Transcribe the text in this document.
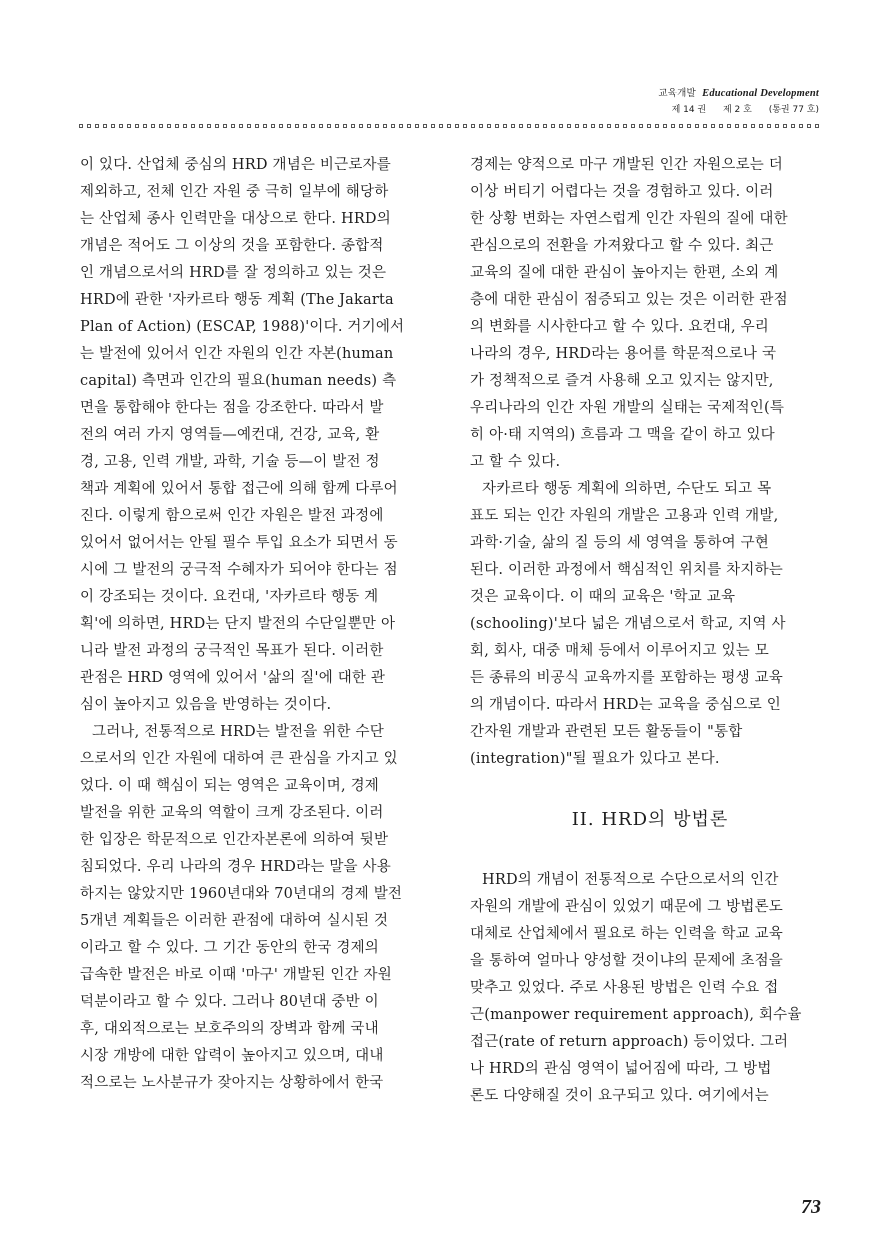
교육개발 Educational Development
제 14 권 제 2 호 (통권 77 호)
이 있다. 산업체 중심의 HRD 개념은 비근로자를
제외하고, 전체 인간 자원 중 극히 일부에 해당하
는 산업체 종사 인력만을 대상으로 한다. HRD의
개념은 적어도 그 이상의 것을 포함한다. 종합적
인 개념으로서의 HRD를 잘 정의하고 있는 것은
HRD에 관한 '자카르타 행동 계획 (The Jakarta
Plan of Action) (ESCAP, 1988)'이다. 거기에서
는 발전에 있어서 인간 자원의 인간 자본(human
capital) 측면과 인간의 필요(human needs) 측
면을 통합해야 한다는 점을 강조한다. 따라서 발
전의 여러 가지 영역들—예컨대, 건강, 교육, 환
경, 고용, 인력 개발, 과학, 기술 등—이 발전 정
책과 계획에 있어서 통합 접근에 의해 함께 다루어
진다. 이렇게 함으로써 인간 자원은 발전 과정에
있어서 없어서는 안될 필수 투입 요소가 되면서 동
시에 그 발전의 궁극적 수혜자가 되어야 한다는 점
이 강조되는 것이다. 요컨대, '자카르타 행동 계
획'에 의하면, HRD는 단지 발전의 수단일뿐만 아
니라 발전 과정의 궁극적인 목표가 된다. 이러한
관점은 HRD 영역에 있어서 '삶의 질'에 대한 관
심이 높아지고 있음을 반영하는 것이다.
그러나, 전통적으로 HRD는 발전을 위한 수단
으로서의 인간 자원에 대하여 큰 관심을 가지고 있
었다. 이 때 핵심이 되는 영역은 교육이며, 경제
발전을 위한 교육의 역할이 크게 강조된다. 이러
한 입장은 학문적으로 인간자본론에 의하여 뒷받
침되었다. 우리 나라의 경우 HRD라는 말을 사용
하지는 않았지만 1960년대와 70년대의 경제 발전
5개년 계획들은 이러한 관점에 대하여 실시된 것
이라고 할 수 있다. 그 기간 동안의 한국 경제의
급속한 발전은 바로 이때 '마구' 개발된 인간 자원
덕분이라고 할 수 있다. 그러나 80년대 중반 이
후, 대외적으로는 보호주의의 장벽과 함께 국내
시장 개방에 대한 압력이 높아지고 있으며, 대내
적으로는 노사분규가 잦아지는 상황하에서 한국
경제는 양적으로 마구 개발된 인간 자원으로는 더
이상 버티기 어렵다는 것을 경험하고 있다. 이러
한 상황 변화는 자연스럽게 인간 자원의 질에 대한
관심으로의 전환을 가져왔다고 할 수 있다. 최근
교육의 질에 대한 관심이 높아지는 한편, 소외 계
층에 대한 관심이 점증되고 있는 것은 이러한 관점
의 변화를 시사한다고 할 수 있다. 요컨대, 우리
나라의 경우, HRD라는 용어를 학문적으로나 국
가 정책적으로 즐겨 사용해 오고 있지는 않지만,
우리나라의 인간 자원 개발의 실태는 국제적인(특
히 아·태 지역의) 흐름과 그 맥을 같이 하고 있다
고 할 수 있다.
자카르타 행동 계획에 의하면, 수단도 되고 목
표도 되는 인간 자원의 개발은 고용과 인력 개발,
과학·기술, 삶의 질 등의 세 영역을 통하여 구현
된다. 이러한 과정에서 핵심적인 위치를 차지하는
것은 교육이다. 이 때의 교육은 '학교 교육
(schooling)'보다 넓은 개념으로서 학교, 지역 사
회, 회사, 대중 매체 등에서 이루어지고 있는 모
든 종류의 비공식 교육까지를 포함하는 평생 교육
의 개념이다. 따라서 HRD는 교육을 중심으로 인
간자원 개발과 관련된 모든 활동들이 "통합
(integration)"될 필요가 있다고 본다.
II. HRD의 방법론
HRD의 개념이 전통적으로 수단으로서의 인간
자원의 개발에 관심이 있었기 때문에 그 방법론도
대체로 산업체에서 필요로 하는 인력을 학교 교육
을 통하여 얼마나 양성할 것이냐의 문제에 초점을
맞추고 있었다. 주로 사용된 방법은 인력 수요 접
근(manpower requirement approach), 회수율
접근(rate of return approach) 등이었다. 그러
나 HRD의 관심 영역이 넓어짐에 따라, 그 방법
론도 다양해질 것이 요구되고 있다. 여기에서는
73
